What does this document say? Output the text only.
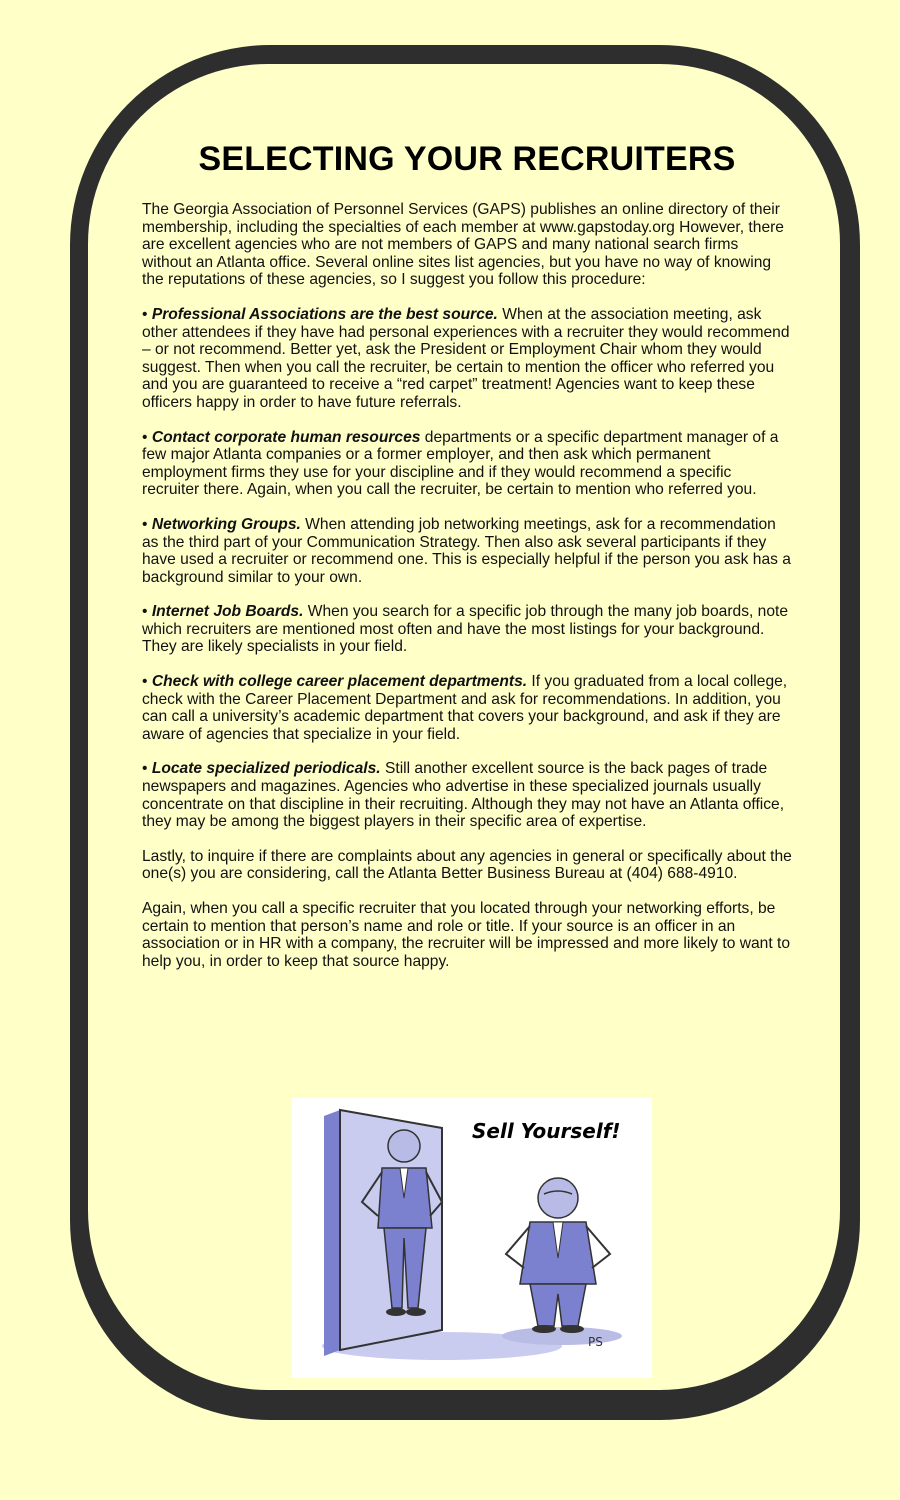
SELECTING YOUR RECRUITERS

The Georgia Association of Personnel Services (GAPS) publishes an online directory of their membership, including the specialties of each member at www.gapstoday.org However, there are excellent agencies who are not members of GAPS and many national search firms without an Atlanta office. Several online sites list agencies, but you have no way of knowing the reputations of these agencies, so I suggest you follow this procedure:

• Professional Associations are the best source. When at the association meeting, ask other attendees if they have had personal experiences with a recruiter they would recommend – or not recommend. Better yet, ask the President or Employment Chair whom they would suggest. Then when you call the recruiter, be certain to mention the officer who referred you and you are guaranteed to receive a “red carpet” treatment! Agencies want to keep these officers happy in order to have future referrals.

• Contact corporate human resources departments or a specific department manager of a few major Atlanta companies or a former employer, and then ask which permanent employment firms they use for your discipline and if they would recommend a specific recruiter there. Again, when you call the recruiter, be certain to mention who referred you.

• Networking Groups. When attending job networking meetings, ask for a recommendation as the third part of your Communication Strategy. Then also ask several participants if they have used a recruiter or recommend one. This is especially helpful if the person you ask has a background similar to your own.

• Internet Job Boards. When you search for a specific job through the many job boards, note which recruiters are mentioned most often and have the most listings for your background. They are likely specialists in your field.

• Check with college career placement departments. If you graduated from a local college, check with the Career Placement Department and ask for recommendations. In addition, you can call a university’s academic department that covers your background, and ask if they are aware of agencies that specialize in your field.

• Locate specialized periodicals. Still another excellent source is the back pages of trade newspapers and magazines. Agencies who advertise in these specialized journals usually concentrate on that discipline in their recruiting. Although they may not have an Atlanta office, they may be among the biggest players in their specific area of expertise.

Lastly, to inquire if there are complaints about any agencies in general or specifically about the one(s) you are considering, call the Atlanta Better Business Bureau at (404) 688-4910.

Again, when you call a specific recruiter that you located through your networking efforts, be certain to mention that person’s name and role or title. If your source is an officer in an association or in HR with a company, the recruiter will be impressed and more likely to want to help you, in order to keep that source happy.

Sell Yourself!
PS
